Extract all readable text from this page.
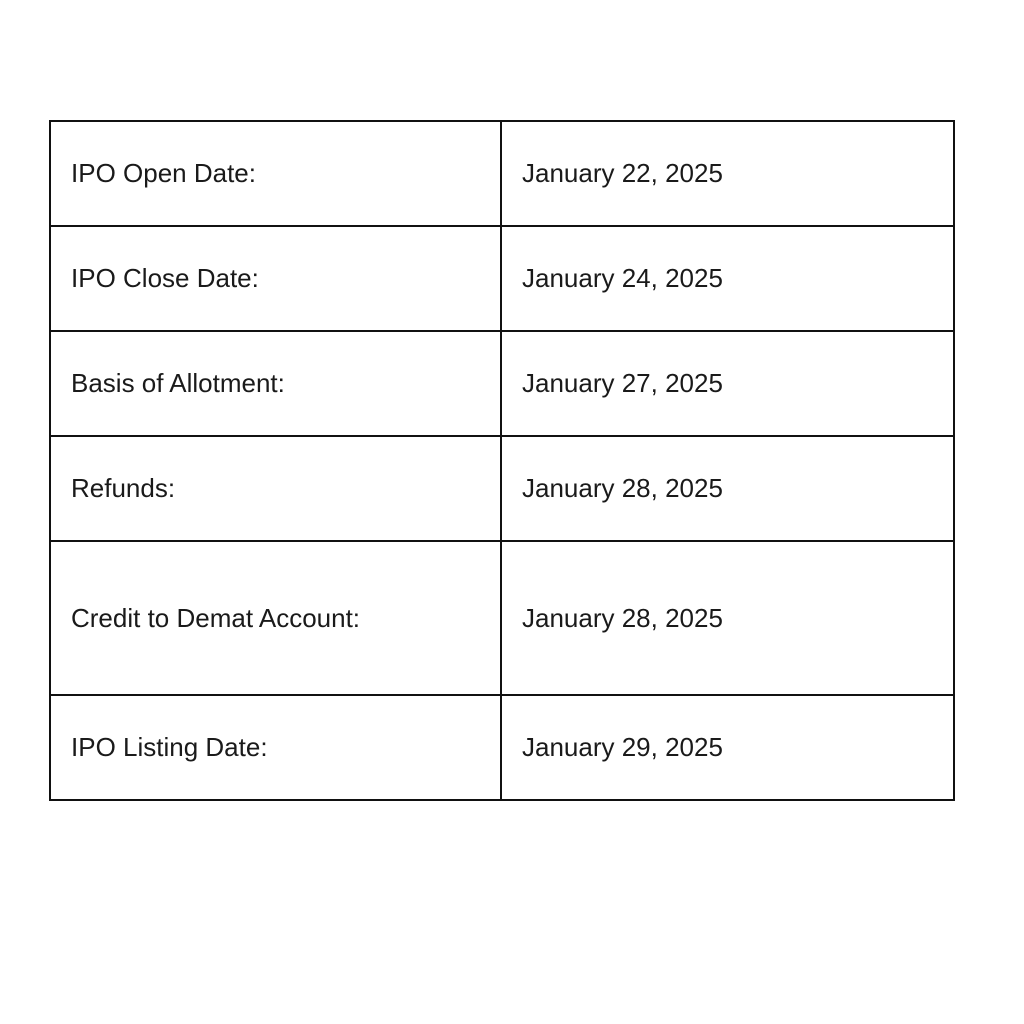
IPO Open Date:	January 22, 2025
IPO Close Date:	January 24, 2025
Basis of Allotment:	January 27, 2025
Refunds:	January 28, 2025
Credit to Demat Account:	January 28, 2025
IPO Listing Date:	January 29, 2025
